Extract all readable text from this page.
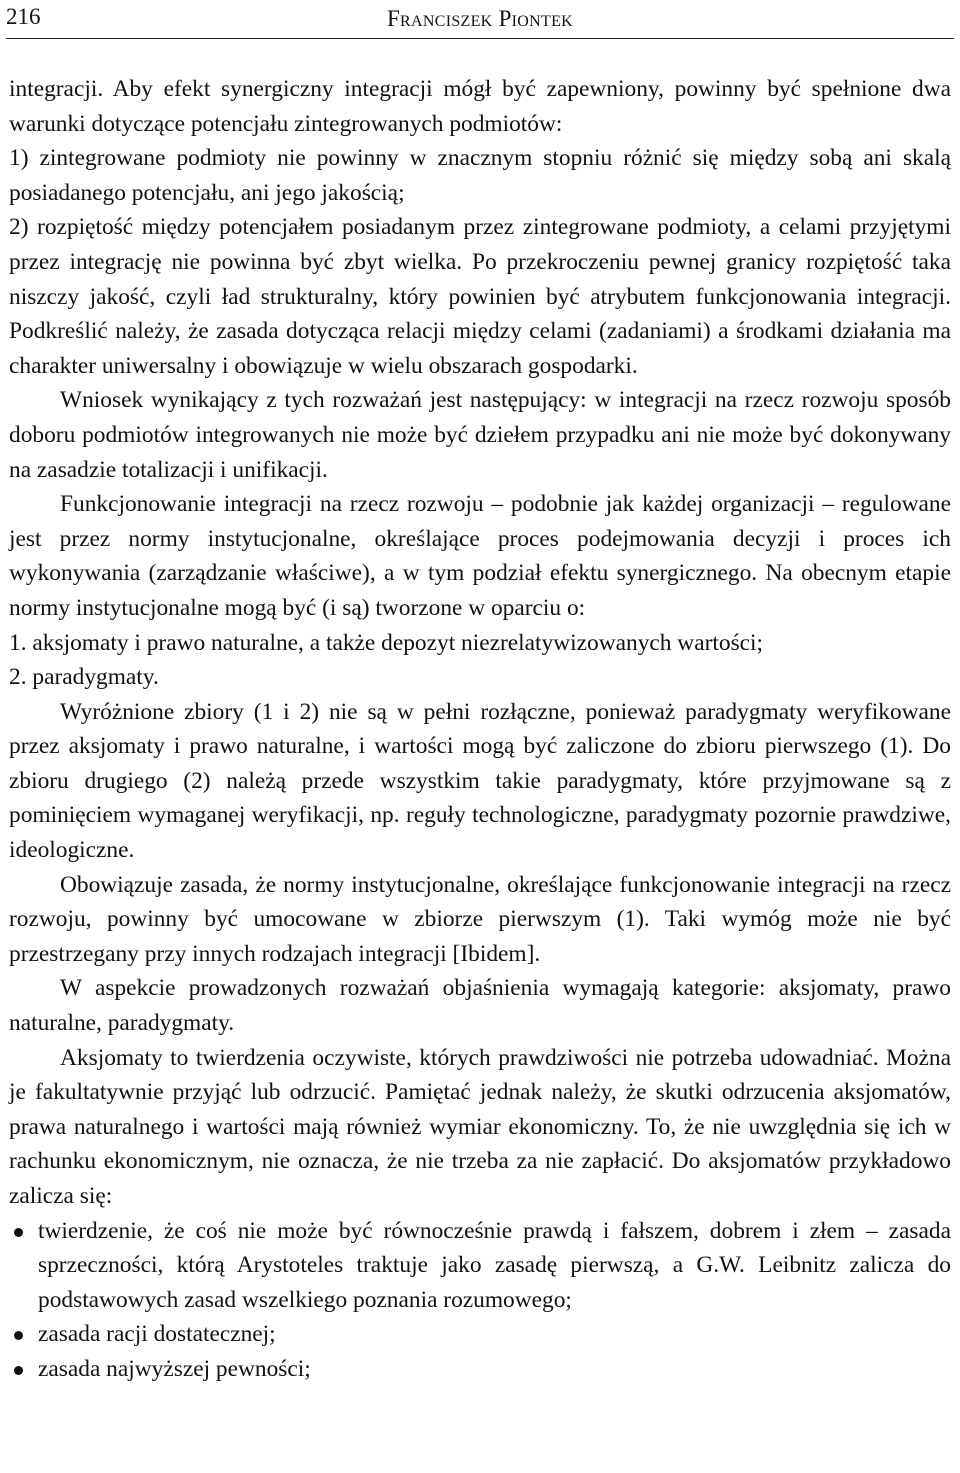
216	Franciszek Piontek

integracji. Aby efekt synergiczny integracji mógł być zapewniony, powinny być spełnione dwa warunki dotyczące potencjału zintegrowanych podmiotów:

1) zintegrowane podmioty nie powinny w znacznym stopniu różnić się między sobą ani skalą posiadanego potencjału, ani jego jakością;

2) rozpiętość między potencjałem posiadanym przez zintegrowane podmioty, a celami przyjętymi przez integrację nie powinna być zbyt wielka. Po przekroczeniu pewnej granicy rozpiętość taka niszczy jakość, czyli ład strukturalny, który powinien być atrybutem funkcjonowania integracji. Podkreślić należy, że zasada dotycząca relacji między celami (zadaniami) a środkami działania ma charakter uniwersalny i obowiązuje w wielu obszarach gospodarki.

Wniosek wynikający z tych rozważań jest następujący: w integracji na rzecz rozwoju sposób doboru podmiotów integrowanych nie może być dziełem przypadku ani nie może być dokonywany na zasadzie totalizacji i unifikacji.

Funkcjonowanie integracji na rzecz rozwoju – podobnie jak każdej organizacji – regulowane jest przez normy instytucjonalne, określające proces podejmowania decyzji i proces ich wykonywania (zarządzanie właściwe), a w tym podział efektu synergicznego. Na obecnym etapie normy instytucjonalne mogą być (i są) tworzone w oparciu o:

1. aksjomaty i prawo naturalne, a także depozyt niezrelatywizowanych wartości;

2. paradygmaty.

Wyróżnione zbiory (1 i 2) nie są w pełni rozłączne, ponieważ paradygmaty weryfikowane przez aksjomaty i prawo naturalne, i wartości mogą być zaliczone do zbioru pierwszego (1). Do zbioru drugiego (2) należą przede wszystkim takie paradygmaty, które przyjmowane są z pominięciem wymaganej weryfikacji, np. reguły technologiczne, paradygmaty pozornie prawdziwe, ideologiczne.

Obowiązuje zasada, że normy instytucjonalne, określające funkcjonowanie integracji na rzecz rozwoju, powinny być umocowane w zbiorze pierwszym (1). Taki wymóg może nie być przestrzegany przy innych rodzajach integracji [Ibidem].

W aspekcie prowadzonych rozważań objaśnienia wymagają kategorie: aksjomaty, prawo naturalne, paradygmaty.

Aksjomaty to twierdzenia oczywiste, których prawdziwości nie potrzeba udowadniać. Można je fakultatywnie przyjąć lub odrzucić. Pamiętać jednak należy, że skutki odrzucenia aksjomatów, prawa naturalnego i wartości mają również wymiar ekonomiczny. To, że nie uwzględnia się ich w rachunku ekonomicznym, nie oznacza, że nie trzeba za nie zapłacić. Do aksjomatów przykładowo zalicza się:

twierdzenie, że coś nie może być równocześnie prawdą i fałszem, dobrem i złem – zasada sprzeczności, którą Arystoteles traktuje jako zasadę pierwszą, a G.W. Leibnitz zalicza do podstawowych zasad wszelkiego poznania rozumowego;
zasada racji dostatecznej;
zasada najwyższej pewności;
